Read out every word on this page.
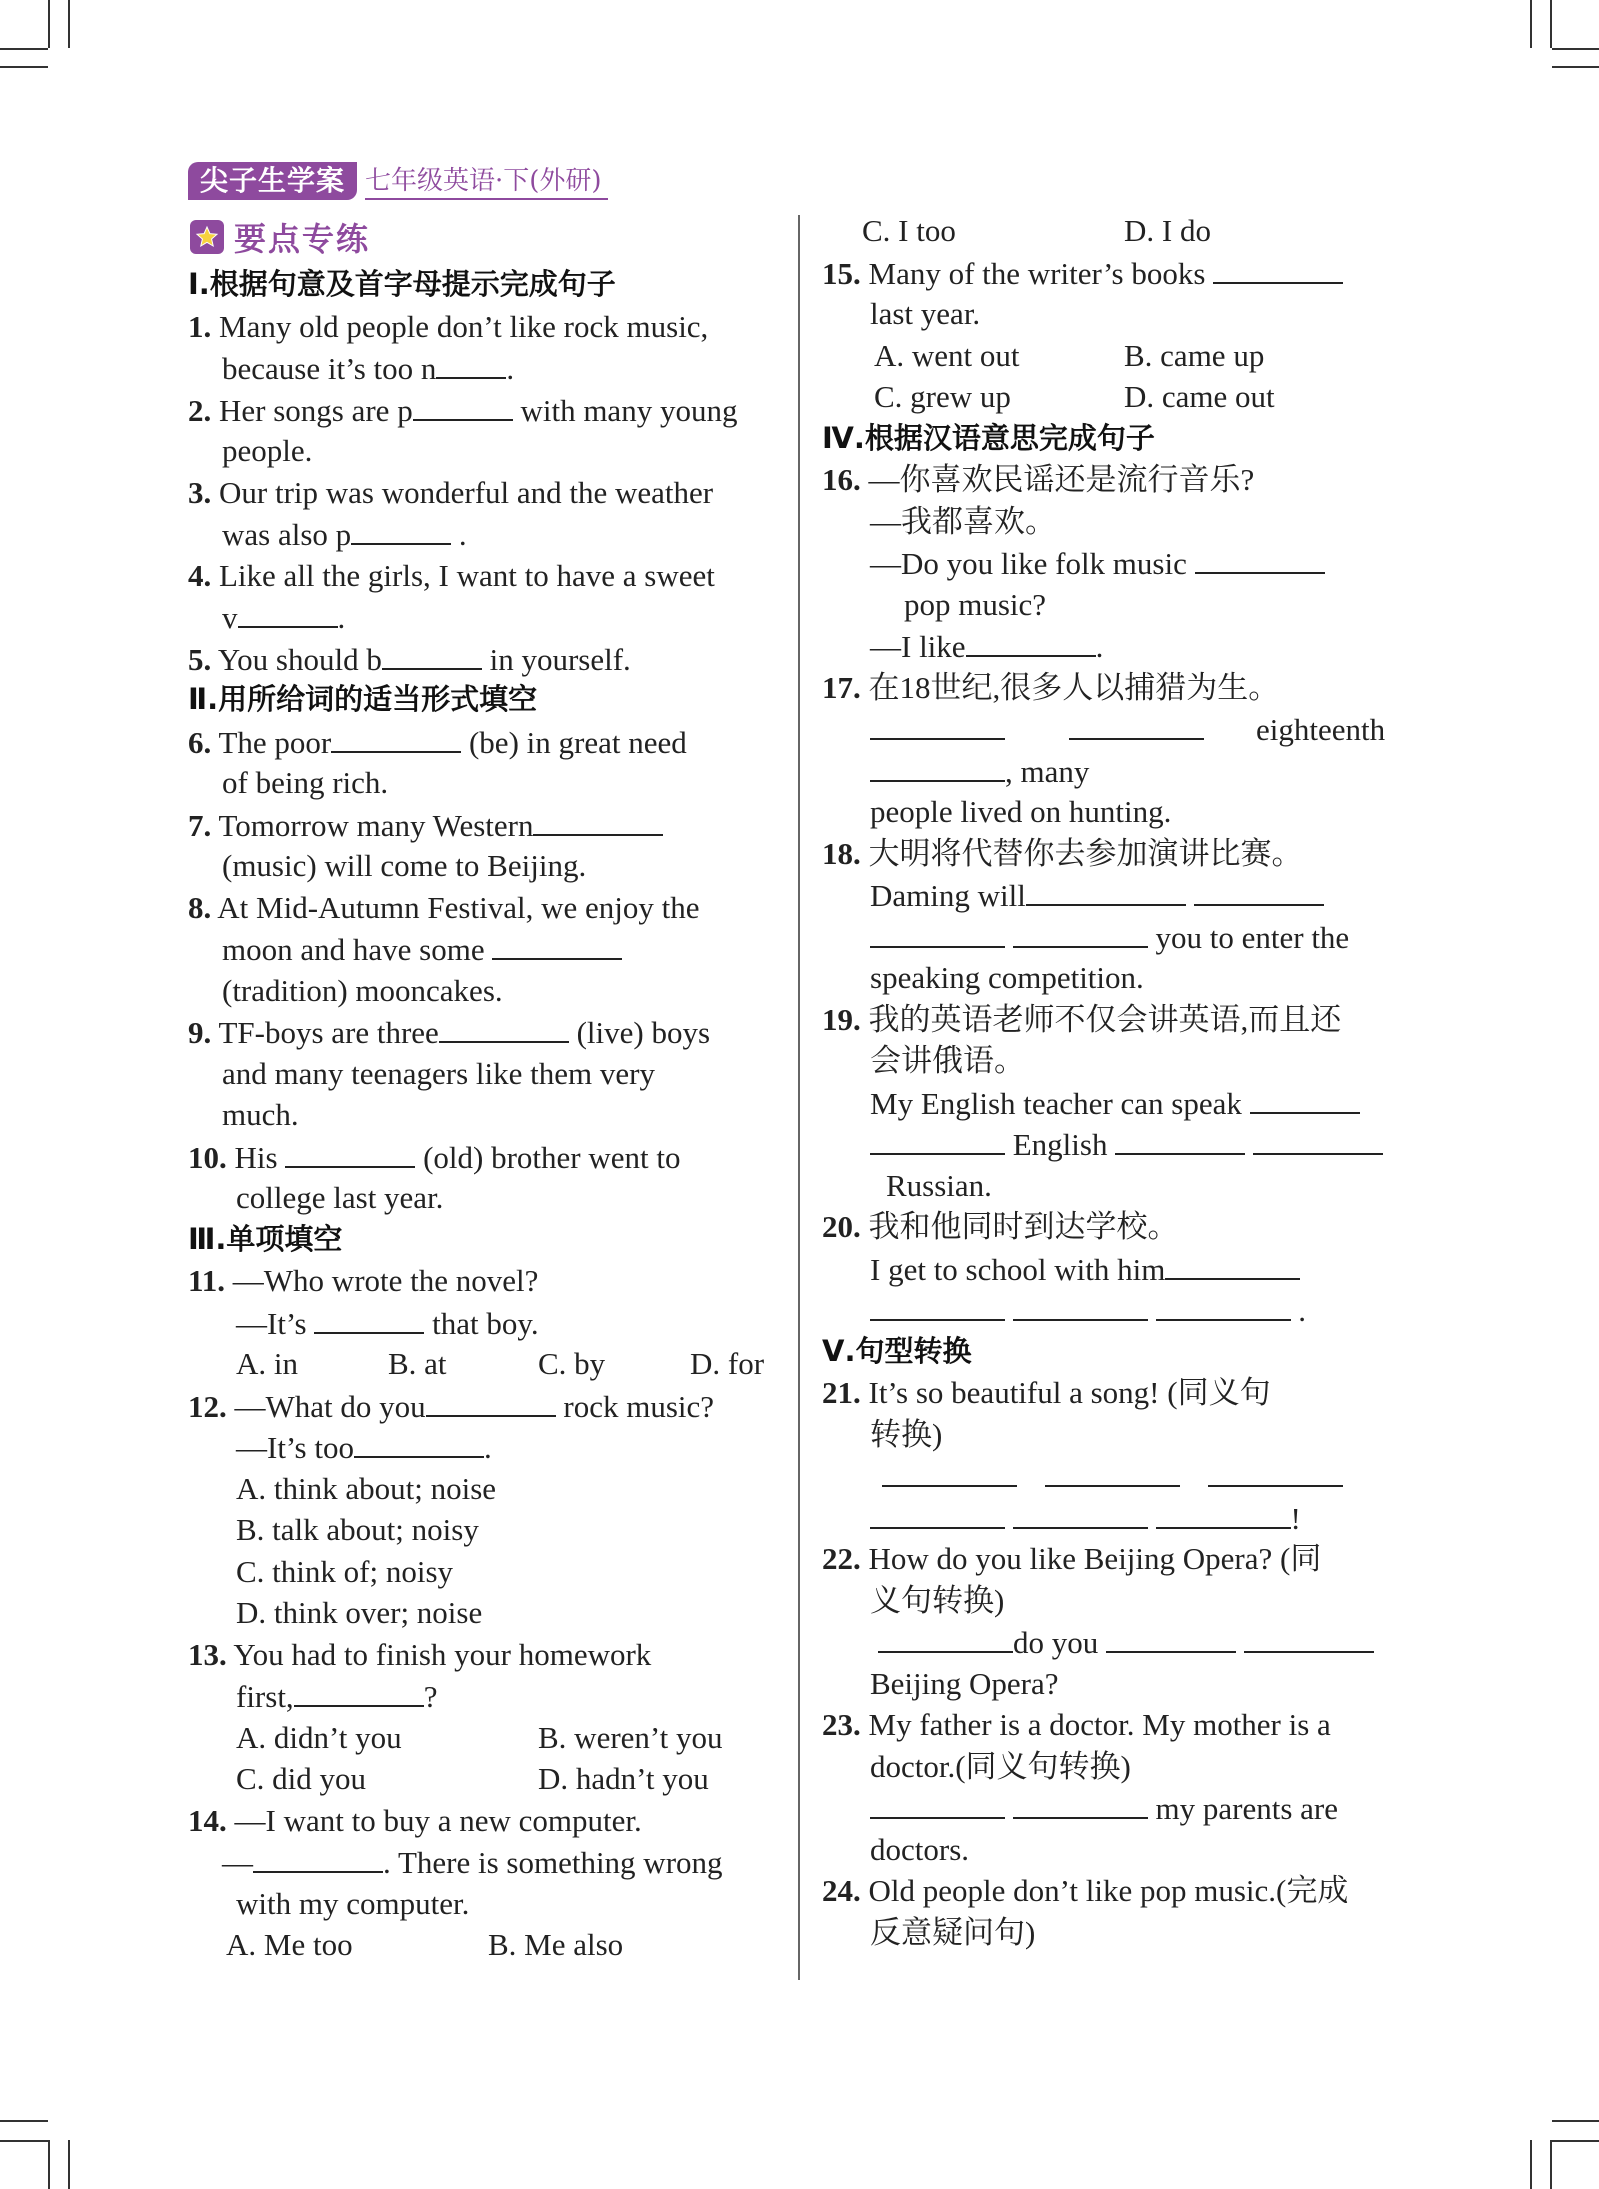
尖子生学案 七年级英语·下(外研)
要点专练
Ⅰ.根据句意及首字母提示完成句子
1. Many old people don’t like rock music,
because it’s too n .
2. Her songs are p	with many young
people.
3. Our trip was wonderful and the weather
was also p	.
4. Like all the girls, I want to have a sweet
v	.
5. You should b	in yourself.
Ⅱ.用所给词的适当形式填空
6. The poor	(be) in great need
of being rich.
7. Tomorrow many Western
(music) will come to Beijing.
8. At Mid-Autumn Festival, we enjoy the
moon and have some
(tradition) mooncakes.
9. TF-boys are three	(live) boys
and many teenagers like them very
much.
10. His	(old) brother went to
college last year.
Ⅲ.单项填空
11. —Who wrote the novel?
—It’s	that boy.
A. in	B. at	C. by	D. for
12. —What do you	rock music?
—It’s too	.
A. think about; noise
B. talk about; noisy
C. think of; noisy
D. think over; noise
13. You had to finish your homework
first,	?
A. didn’t you	B. weren’t you
C. did you	D. hadn’t you
14. —I want to buy a new computer.
—	. There is something wrong
with my computer.
A. Me too	B. Me also
C. I too	D. I do
15. Many of the writer’s books
last year.
A. went out	B. came up
C. grew up	D. came out
Ⅳ.根据汉语意思完成句子
16. —你喜欢民谣还是流行音乐?
—我都喜欢。
—Do you like folk music
pop music?
—I like	.
17. 在18世纪,很多人以捕猎为生。
eighteenth
, many
people lived on hunting.
18. 大明将代替你去参加演讲比赛。
Daming will
you to enter the
speaking competition.
19. 我的英语老师不仅会讲英语,而且还
会讲俄语。
My English teacher can speak
English
Russian.
20. 我和他同时到达学校。
I get to school with him
.
Ⅴ.句型转换
21. It’s so beautiful a song! (同义句
转换)

!
22. How do you like Beijing Opera? (同
义句转换)
do you
Beijing Opera?
23. My father is a doctor. My mother is a
doctor.(同义句转换)
my parents are
doctors.
24. Old people don’t like pop music.(完成
反意疑问句)
